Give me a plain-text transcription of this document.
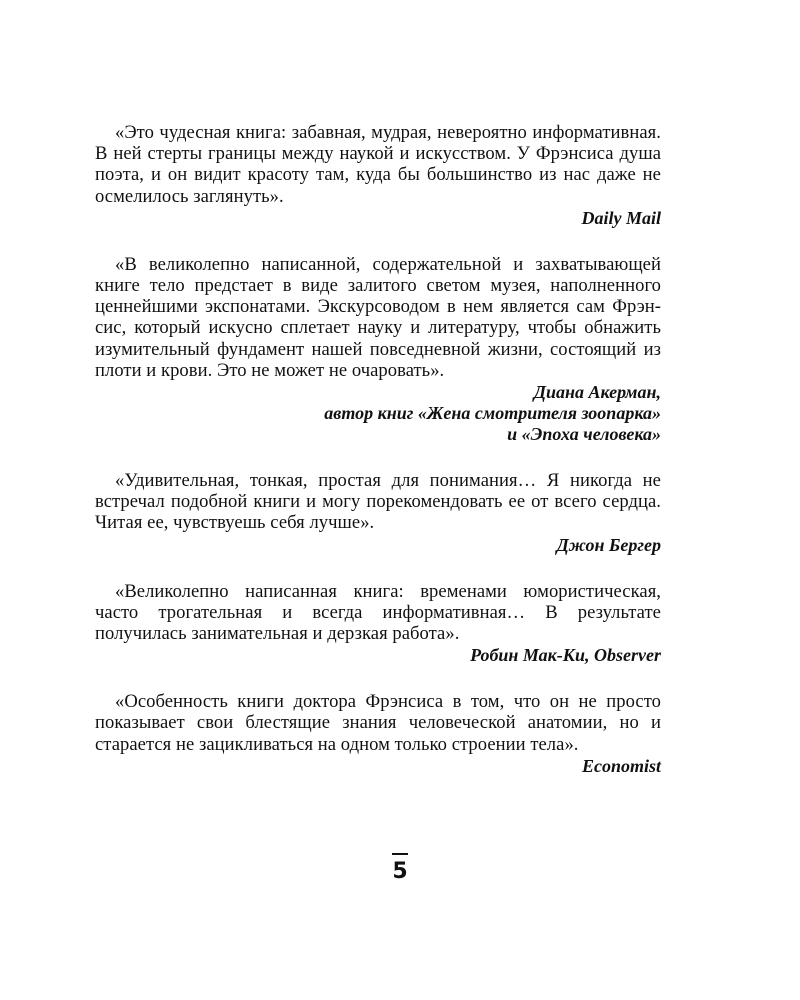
«Это чудесная книга: забавная, мудрая, невероятно информативная. В ней стерты границы между наукой и искусством. У Фрэнсиса душа поэта, и он видит красоту там, куда бы большинство из нас даже не осмелилось заглянуть».

Daily Mail

«В великолепно написанной, содержательной и захватывающей книге тело предстает в виде залитого светом музея, наполненного ценнейшими экспонатами. Экскурсоводом в нем является сам Фрэнсис, который искусно сплетает науку и литературу, чтобы обнажить изумительный фундамент нашей повседневной жизни, состоящий из плоти и крови. Это не может не очаровать».

Диана Акерман,
автор книг «Жена смотрителя зоопарка»
и «Эпоха человека»

«Удивительная, тонкая, простая для понимания… Я никогда не встречал подобной книги и могу порекомендовать ее от всего сердца. Читая ее, чувствуешь себя лучше».

Джон Бергер

«Великолепно написанная книга: временами юмористическая, часто трогательная и всегда информативная… В результате получилась занимательная и дерзкая работа».

Робин Мак-Ки, Observer

«Особенность книги доктора Фрэнсиса в том, что он не просто показывает свои блестящие знания человеческой анатомии, но и старается не зацикливаться на одном только строении тела».

Economist
5
